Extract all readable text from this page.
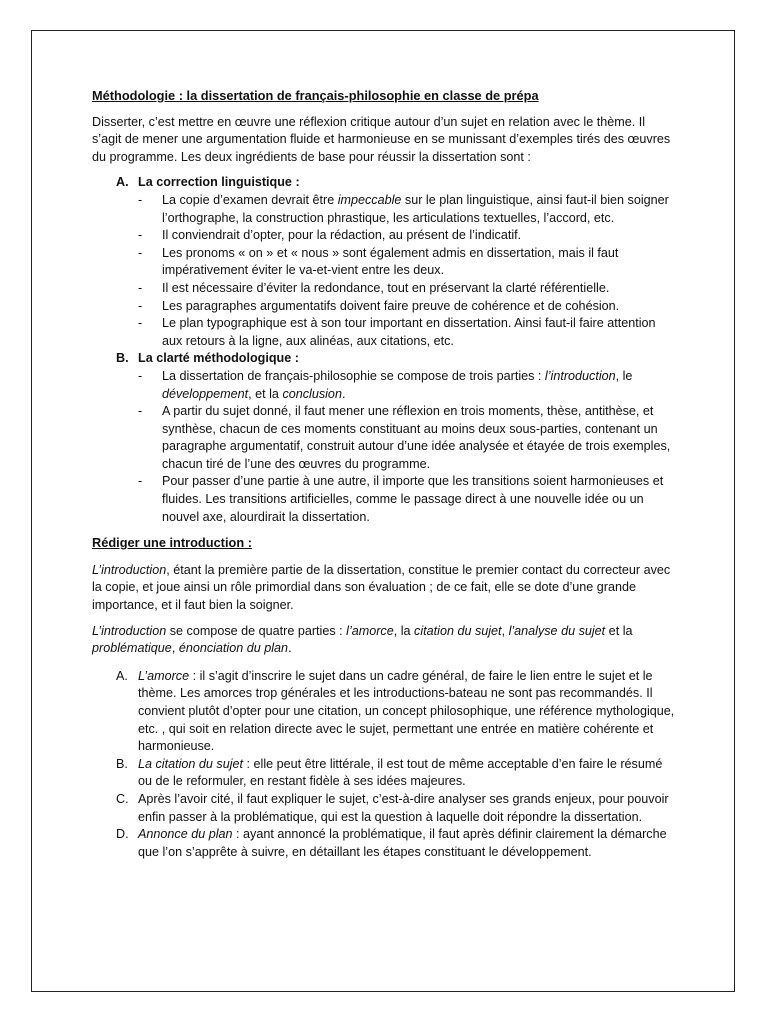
Méthodologie : la dissertation de français-philosophie en classe de prépa

Disserter, c’est mettre en œuvre une réflexion critique autour d’un sujet en relation avec le thème. Il s’agit de mener une argumentation fluide et harmonieuse en se munissant d’exemples tirés des œuvres du programme. Les deux ingrédients de base pour réussir la dissertation sont :

A. La correction linguistique :
- La copie d’examen devrait être impeccable sur le plan linguistique, ainsi faut-il bien soigner l’orthographe, la construction phrastique, les articulations textuelles, l’accord, etc.
- Il conviendrait d’opter, pour la rédaction, au présent de l’indicatif.
- Les pronoms « on » et « nous » sont également admis en dissertation, mais il faut impérativement éviter le va-et-vient entre les deux.
- Il est nécessaire d’éviter la redondance, tout en préservant la clarté référentielle.
- Les paragraphes argumentatifs doivent faire preuve de cohérence et de cohésion.
- Le plan typographique est à son tour important en dissertation. Ainsi faut-il faire attention aux retours à la ligne, aux alinéas, aux citations, etc.
B. La clarté méthodologique :
- La dissertation de français-philosophie se compose de trois parties : l’introduction, le développement, et la conclusion.
- A partir du sujet donné, il faut mener une réflexion en trois moments, thèse, antithèse, et synthèse, chacun de ces moments constituant au moins deux sous-parties, contenant un paragraphe argumentatif, construit autour d’une idée analysée et étayée de trois exemples, chacun tiré de l’une des œuvres du programme.
- Pour passer d’une partie à une autre, il importe que les transitions soient harmonieuses et fluides. Les transitions artificielles, comme le passage direct à une nouvelle idée ou un nouvel axe, alourdirait la dissertation.
Rédiger une introduction :

L’introduction, étant la première partie de la dissertation, constitue le premier contact du correcteur avec la copie, et joue ainsi un rôle primordial dans son évaluation ; de ce fait, elle se dote d’une grande importance, et il faut bien la soigner.

L’introduction se compose de quatre parties : l’amorce, la citation du sujet, l’analyse du sujet et la problématique, énonciation du plan.

A. L’amorce : il s’agit d’inscrire le sujet dans un cadre général, de faire le lien entre le sujet et le thème. Les amorces trop générales et les introductions-bateau ne sont pas recommandés. Il convient plutôt d’opter pour une citation, un concept philosophique, une référence mythologique, etc. , qui soit en relation directe avec le sujet, permettant une entrée en matière cohérente et harmonieuse.
B. La citation du sujet : elle peut être littérale, il est tout de même acceptable d’en faire le résumé ou de le reformuler, en restant fidèle à ses idées majeures.
C. Après l’avoir cité, il faut expliquer le sujet, c’est-à-dire analyser ses grands enjeux, pour pouvoir enfin passer à la problématique, qui est la question à laquelle doit répondre la dissertation.
D. Annonce du plan : ayant annoncé la problématique, il faut après définir clairement la démarche que l’on s’apprête à suivre, en détaillant les étapes constituant le développement.
